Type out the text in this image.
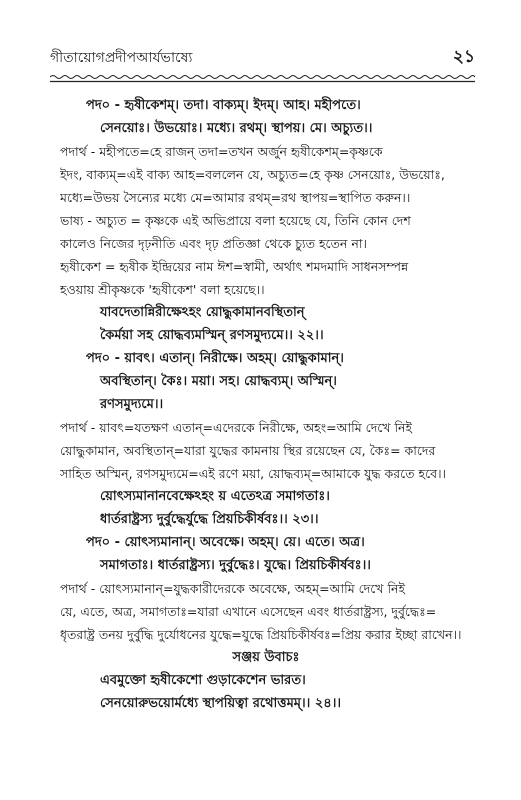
গীতায়োগপ্রদীপআর্যভাষ্যে	২১
পদ০ - হৃষীকেশম্‌। তদা। বাক্যম্‌। ইদম্‌। আহ। মহীপতে।
সেনয়োঃ। উভয়োঃ। মধ্যে। রথম্‌। স্থাপয়। মে। অচ্যুত।।
পদার্থ - মহীপতে=হে রাজন্‌ তদা=তখন অর্জুন হৃষীকেশম্‌=কৃষ্ণকে
ইদং, বাক্যম্‌=এই বাক্য আহ=বললেন যে, অচ্যুত=হে কৃষ্ণ সেনয়োঃ, উভয়োঃ,
মধ্যে=উভয় সৈন্যের মধ্যে মে=আমার রথম্‌=রথ স্থাপয়=স্থাপিত করুন।।
ভাষ্য - অচ্যুত = কৃষ্ণকে এই অভিপ্রায়ে বলা হয়েছে যে, তিনি কোন দেশ
কালেও নিজের দৃঢ়নীতি এবং দৃঢ় প্রতিজ্ঞা থেকে চ্যুত হতেন না।
হৃষীকেশ = হৃষীক ইন্দ্রিয়ের নাম ঈশ=স্বামী, অর্থাৎ শমদমাদি সাধনসম্পন্ন
হওয়ায় শ্রীকৃষ্ণকে 'হৃষীকেশ' বলা হয়েছে।।
যাবদেতান্নিরীক্ষেঽহং য়োদ্ধুকামানবস্থিতান্‌
কৈর্ময়া সহ য়োদ্ধব্যমস্মিন্‌ রণসমুদ্যমে।। ২২।।
পদ০ - য়াবৎ। এতান্‌। নিরীক্ষে। অহম্‌। য়োদ্ধুকামান্‌।
অবস্থিতান্‌। কৈঃ। ময়া। সহ। য়োদ্ধব্যম্‌। অস্মিন্‌।
রণসমুদ্যমে।।
পদার্থ - য়াবৎ=যতক্ষণ এতান্‌=এদেরকে নিরীক্ষে, অহং=আমি দেখে নিই
য়োদ্ধুকামান, অবস্থিতান্‌=যারা যুদ্ধের কামনায় স্থির রয়েছেন যে, কৈঃ= কাদের
সাহিত অস্মিন্‌, রণসমুদ্যমে=এই রণে ময়া, য়োদ্ধব্যম্‌=আমাকে যুদ্ধ করতে হবে।।
য়োৎস্যমানানবেক্ষেঽহং য় এতেঽত্র সমাগতাঃ।
ধার্তরাষ্ট্রস্য দুর্বুদ্ধের্যুদ্ধে প্রিয়চিকীর্ষবঃ।। ২৩।।
পদ০ - য়োৎস্যমানান্‌। অবেক্ষে। অহম্‌। য়ে। এতে। অত্র।
সমাগতাঃ। ধার্তরাষ্ট্রস্য। দুর্বুদ্ধেঃ। যুদ্ধে। প্রিয়চিকীর্ষবঃ।।
পদার্থ - য়োৎস্যমানান্‌=যুদ্ধকারীদেরকে অবেক্ষে, অহম্‌=আমি দেখে নিই
য়ে, এতে, অত্র, সমাগতাঃ=যারা এখানে এসেছেন এবং ধার্তরাষ্ট্রস্য, দুর্বুদ্ধেঃ=
ধৃতরাষ্ট্র তনয় দুর্বুদ্ধি দুর্যোধনের যুদ্ধে=যুদ্ধে প্রিয়চিকীর্ষবঃ=প্রিয় করার ইচ্ছা রাখেন।।
সঞ্জয় উবাচঃ
এবমুক্তো হৃষীকেশো গুড়াকেশেন ভারত।
সেনয়োরুভয়োর্মধ্যে স্থাপয়িত্বা রথোত্তমম্‌।। ২৪।।
